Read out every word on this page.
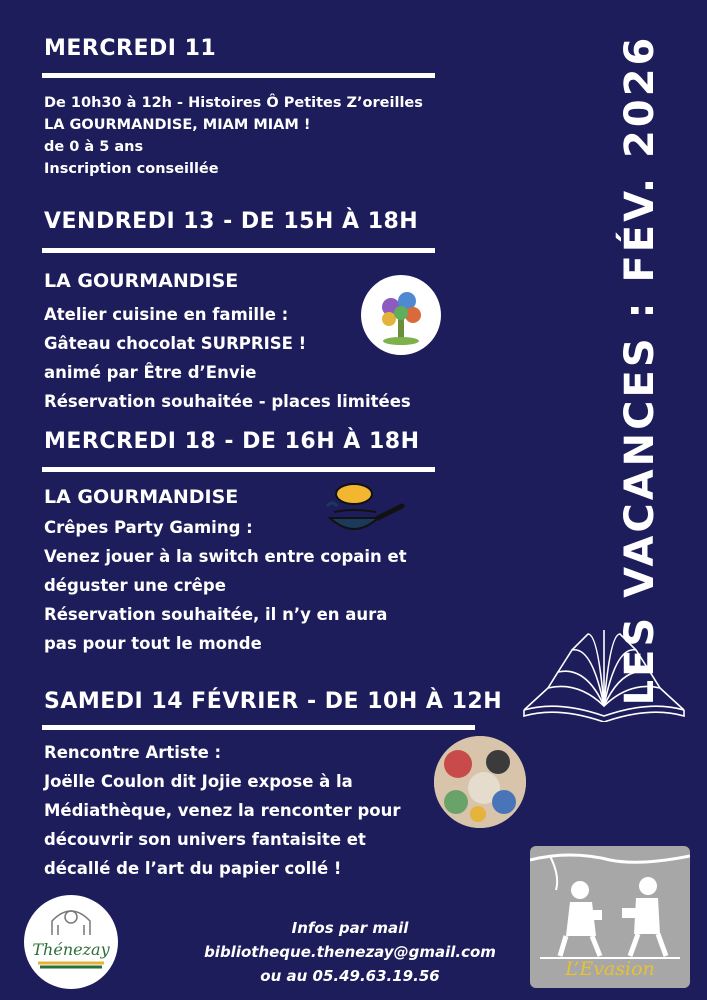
MERCREDI 11
De 10h30 à 12h - Histoires Ô Petites Z’oreilles
LA GOURMANDISE, MIAM MIAM !
de 0 à 5 ans
Inscription conseillée
VENDREDI 13 - DE 15H À 18H
LA GOURMANDISE
Atelier cuisine en famille :
Gâteau chocolat SURPRISE !
animé par Être d’Envie
Réservation souhaitée - places limitées
MERCREDI 18 - DE 16H À 18H
LA GOURMANDISE
Crêpes Party Gaming :
Venez jouer à la switch entre copain et
déguster une crêpe
Réservation souhaitée, il n’y en aura
pas pour tout le monde
SAMEDI 14 FÉVRIER - DE 10H À 12H
Rencontre Artiste :
Joëlle Coulon dit Jojie expose à la
Médiathèque, venez la renconter pour
découvrir son univers fantaisite et
décallé de l’art du papier collé !
LES VACANCES : FÉV. 2026
Thénezay
Infos par mail
bibliotheque.thenezay@gmail.com
ou au 05.49.63.19.56	L’Evasion
